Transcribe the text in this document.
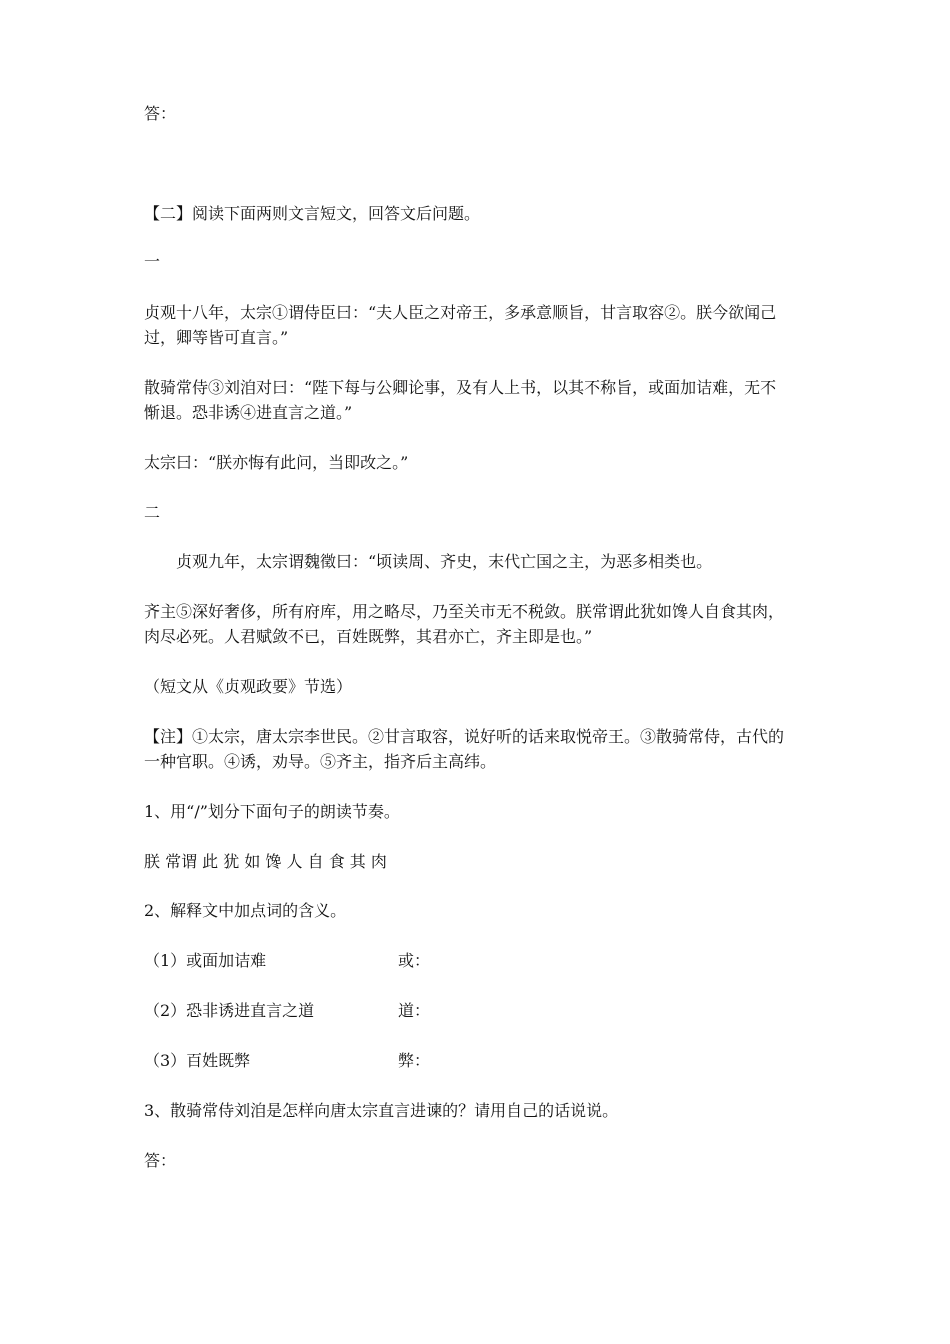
答：
【二】阅读下面两则文言短文，回答文后问题。
一
贞观十八年，太宗①谓侍臣曰：“夫人臣之对帝王，多承意顺旨，甘言取容②。朕今欲闻己
过，卿等皆可直言。”
散骑常侍③刘洎对曰：“陛下每与公卿论事，及有人上书，以其不称旨，或面加诘难，无不
惭退。恐非诱④进直言之道。”
太宗曰：“朕亦悔有此问，当即改之。”
二
贞观九年，太宗谓魏徵曰：“顷读周、齐史，末代亡国之主，为恶多相类也。
齐主⑤深好奢侈，所有府库，用之略尽，乃至关市无不税敛。朕常谓此犹如馋人自食其肉，
肉尽必死。人君赋敛不已，百姓既弊，其君亦亡，齐主即是也。”
（短文从《贞观政要》节选）
【注】①太宗，唐太宗李世民。②甘言取容，说好听的话来取悦帝王。③散骑常侍，古代的
一种官职。④诱，劝导。⑤齐主，指齐后主高纬。
1、用“/”划分下面句子的朗读节奏。
朕 常谓 此 犹 如 馋 人 自 食 其 肉
2、解释文中加点词的含义。
（1）或面加诘难	或：
（2）恐非诱进直言之道	道：
（3）百姓既弊	弊：
3、散骑常侍刘洎是怎样向唐太宗直言进谏的？请用自己的话说说。
答：
